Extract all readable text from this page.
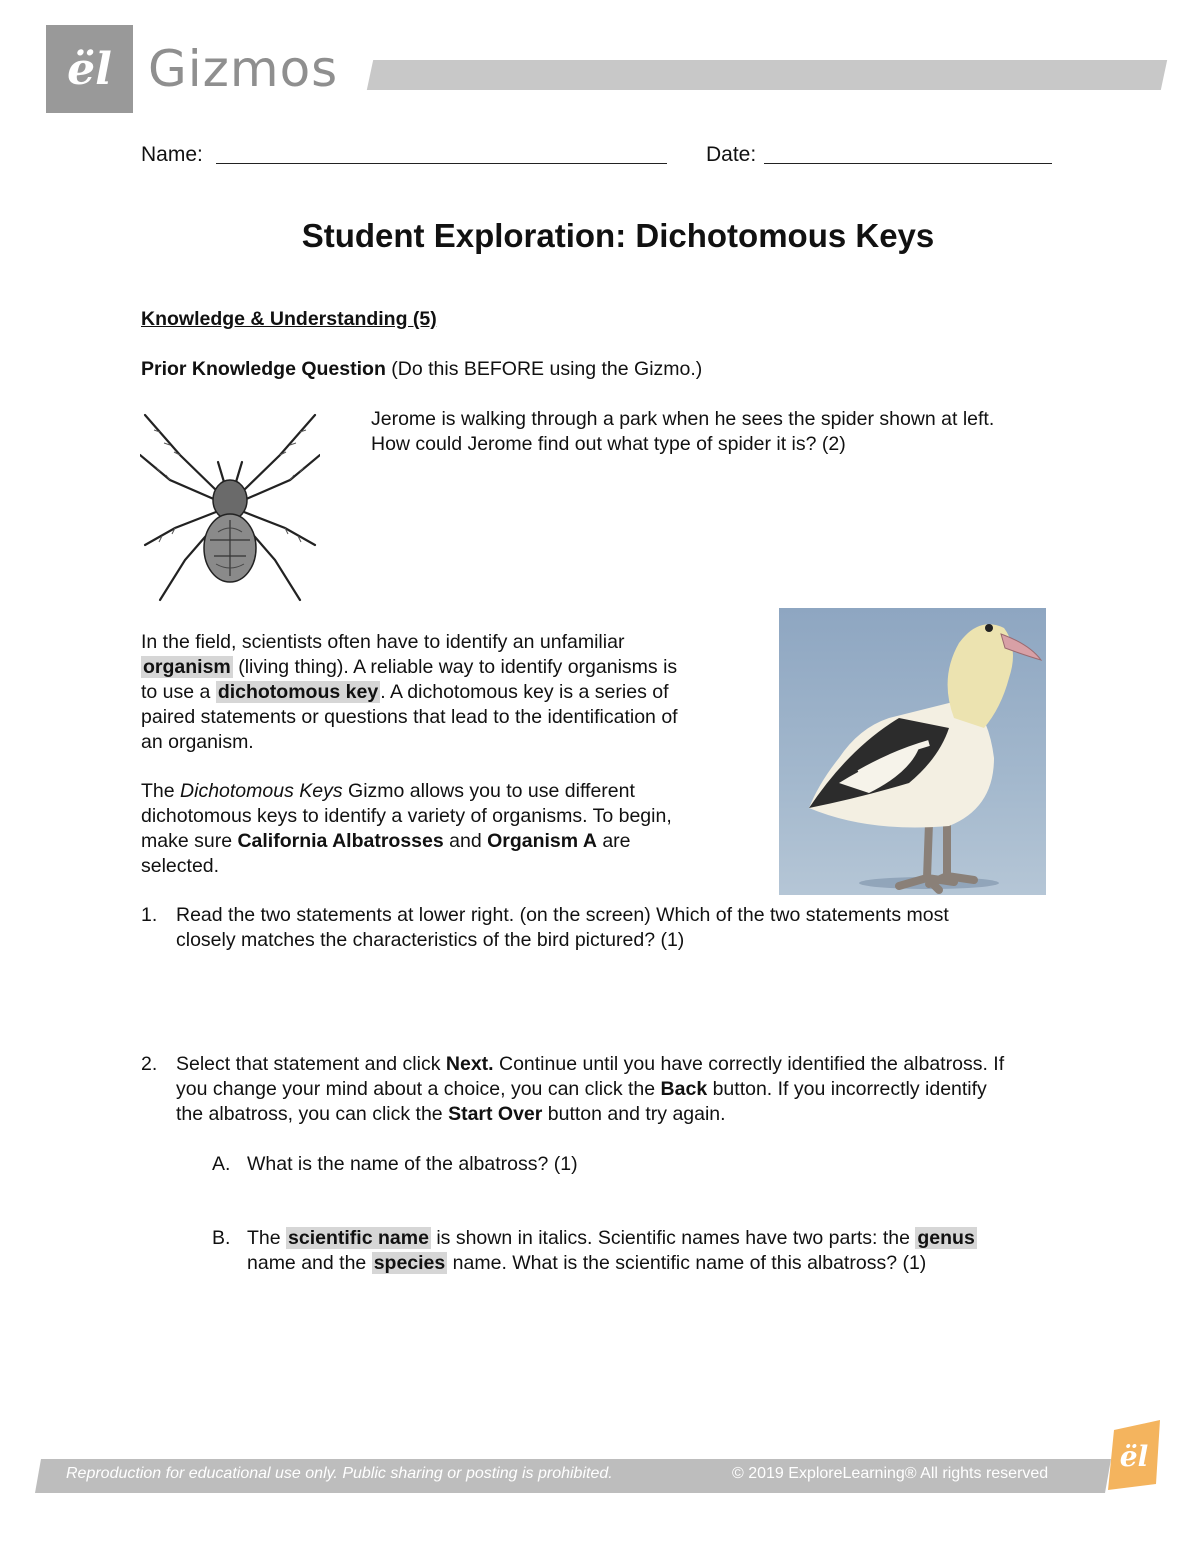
ël Gizmos
Name:	Date:
Student Exploration: Dichotomous Keys
Knowledge & Understanding (5)
Prior Knowledge Question (Do this BEFORE using the Gizmo.)
Jerome is walking through a park when he sees the spider shown at left.
How could Jerome find out what type of spider it is? (2)
In the field, scientists often have to identify an unfamiliar
organism (living thing). A reliable way to identify organisms is
to use a dichotomous key . A dichotomous key is a series of
paired statements or questions that lead to the identification of
an organism.
The Dichotomous Keys Gizmo allows you to use different
dichotomous keys to identify a variety of organisms. To begin,
make sure California Albatrosses and Organism A are
selected.
1. Read the two statements at lower right. (on the screen) Which of the two statements most
closely matches the characteristics of the bird pictured? (1)
2. Select that statement and click Next. Continue until you have correctly identified the albatross. If
you change your mind about a choice, you can click the Back button. If you incorrectly identify
the albatross, you can click the Start Over button and try again.
A. What is the name of the albatross? (1)
B. The scientific name is shown in italics. Scientific names have two parts: the genus
name and the species name. What is the scientific name of this albatross? (1)
Reproduction for educational use only. Public sharing or posting is prohibited.	© 2019 ExploreLearning® All rights reserved
ël
